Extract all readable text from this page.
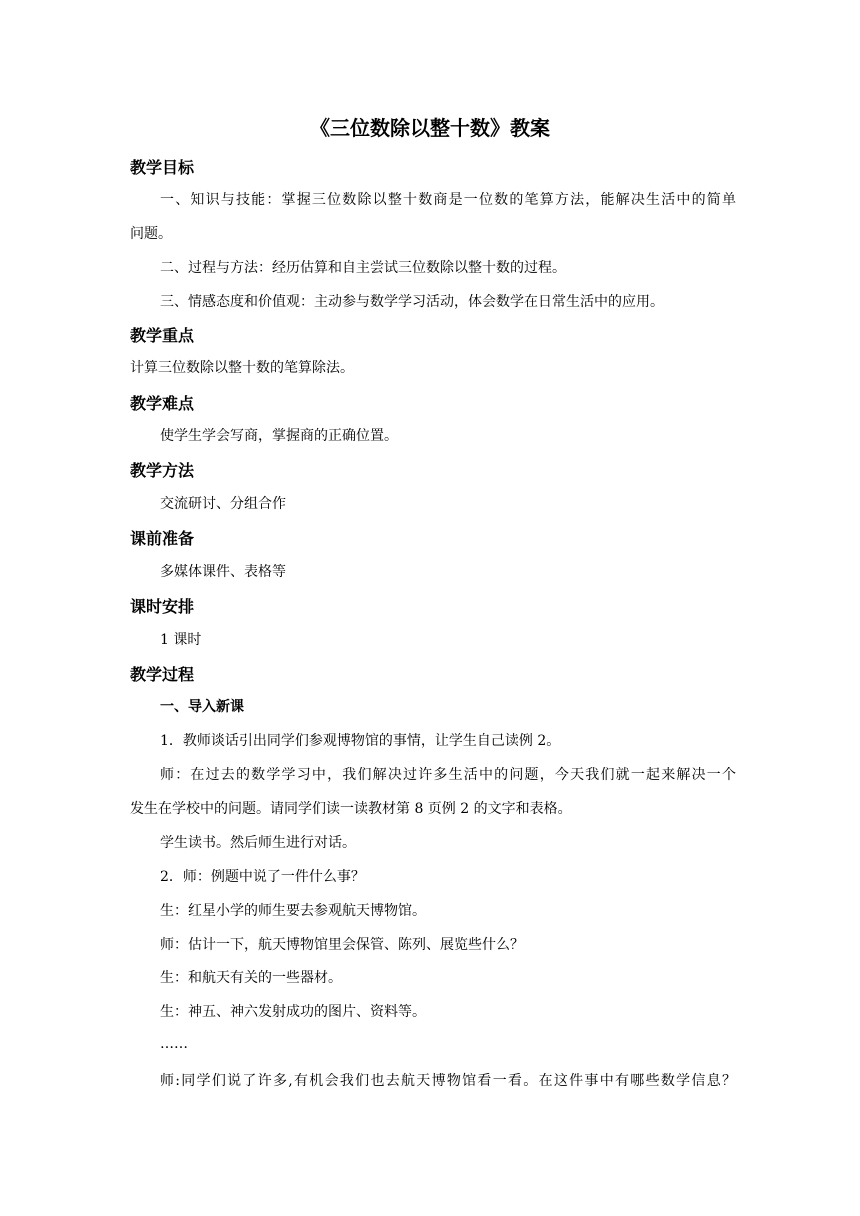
《三位数除以整十数》教案
教学目标
一、知识与技能：掌握三位数除以整十数商是一位数的笔算方法，能解决生活中的简单
问题。
二、过程与方法：经历估算和自主尝试三位数除以整十数的过程。
三、情感态度和价值观：主动参与数学学习活动，体会数学在日常生活中的应用。
教学重点
计算三位数除以整十数的笔算除法。
教学难点
使学生学会写商，掌握商的正确位置。
教学方法
交流研讨、分组合作
课前准备
多媒体课件、表格等
课时安排
1 课时
教学过程
一、导入新课
1．教师谈话引出同学们参观博物馆的事情，让学生自己读例 2。
师：在过去的数学学习中，我们解决过许多生活中的问题，今天我们就一起来解决一个
发生在学校中的问题。请同学们读一读教材第 8 页例 2 的文字和表格。
学生读书。然后师生进行对话。
2．师：例题中说了一件什么事？
生：红星小学的师生要去参观航天博物馆。
师：估计一下，航天博物馆里会保管、陈列、展览些什么？
生：和航天有关的一些器材。
生：神五、神六发射成功的图片、资料等。
……
师:同学们说了许多,有机会我们也去航天博物馆看一看。在这件事中有哪些数学信息？
